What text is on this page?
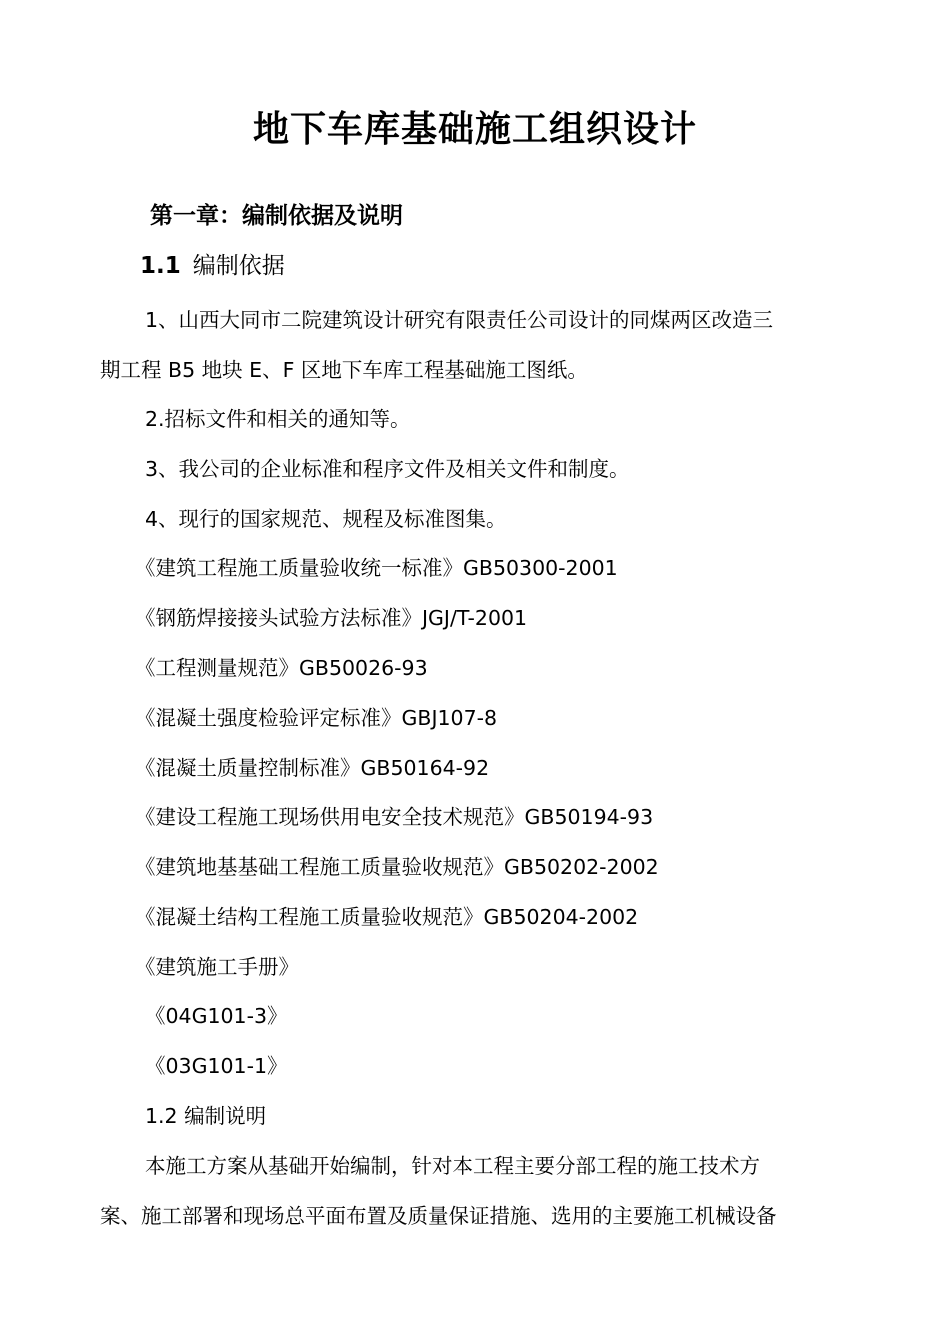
地下车库基础施工组织设计
第一章：编制依据及说明
1.1 编制依据
1、山西大同市二院建筑设计研究有限责任公司设计的同煤两区改造三
期工程 B5 地块 E、F 区地下车库工程基础施工图纸。
2.招标文件和相关的通知等。
3、我公司的企业标准和程序文件及相关文件和制度。
4、现行的国家规范、规程及标准图集。
《建筑工程施工质量验收统一标准》GB50300-2001
《钢筋焊接接头试验方法标准》JGJ/T-2001
《工程测量规范》GB50026-93
《混凝土强度检验评定标准》GBJ107-8
《混凝土质量控制标准》GB50164-92
《建设工程施工现场供用电安全技术规范》GB50194-93
《建筑地基基础工程施工质量验收规范》GB50202-2002
《混凝土结构工程施工质量验收规范》GB50204-2002
《建筑施工手册》
《04G101-3》
《03G101-1》
1.2 编制说明
本施工方案从基础开始编制，针对本工程主要分部工程的施工技术方
案、施工部署和现场总平面布置及质量保证措施、选用的主要施工机械设备
